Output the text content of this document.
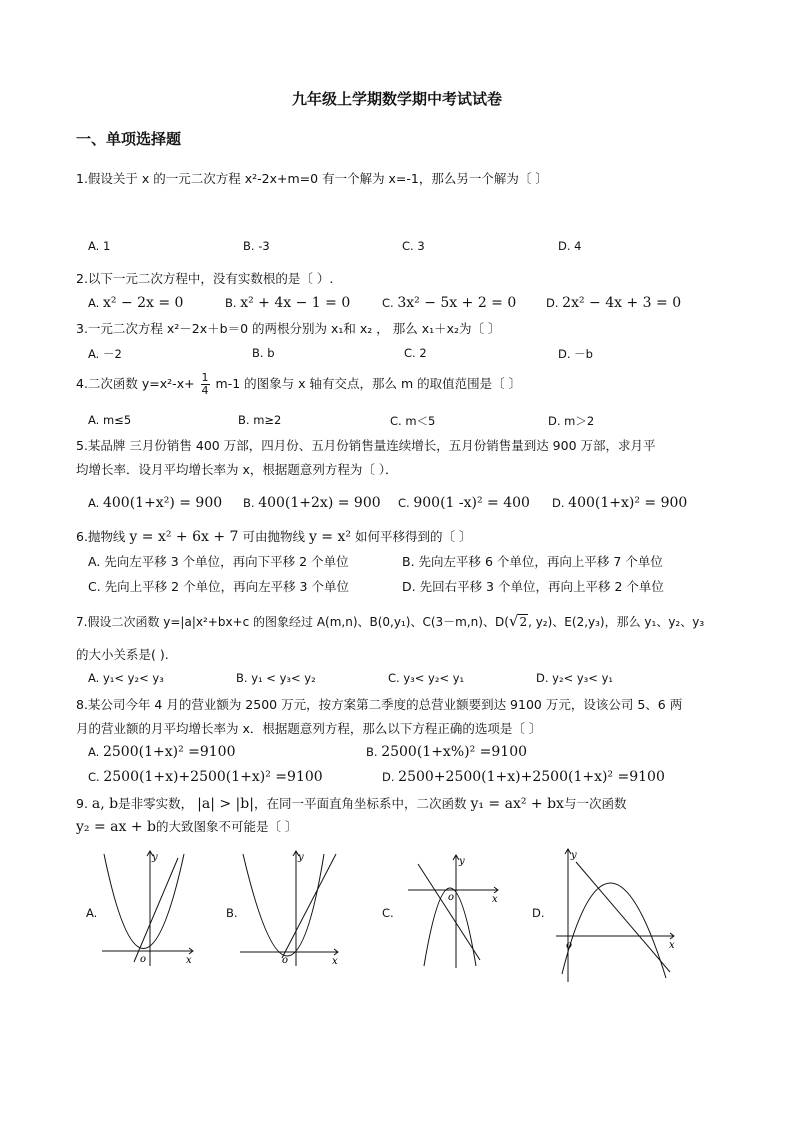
九年级上学期数学期中考试试卷
一、单项选择题
1.假设关于 x 的一元二次方程 x²-2x+m=0 有一个解为 x=-1，那么另一个解为〔 〕
A. 1	B. -3	C. 3	D. 4
2.以下一元二次方程中，没有实数根的是〔 ）.
A. x² − 2x = 0	B. x² + 4x − 1 = 0	C. 3x² − 5x + 2 = 0	D. 2x² − 4x + 3 = 0
3.一元二次方程 x²－2x＋b＝0 的两根分别为 x₁和 x₂ ， 那么 x₁＋x₂为〔 〕
A. －2	B. b	C. 2	D. －b
4.二次函数 $y=x^2-x+ \frac{1}{4} m-1$ 的图象与 x 轴有交点，那么 m 的取值范围是〔 〕
A. m≤5	B. m≥2	C. m＜5	D. m＞2
5.某品牌 三月份销售 400 万部，四月份、五月份销售量连续增长，五月份销售量到达 900 万部，求月平
均增长率．设月平均增长率为 x，根据题意列方程为〔 ）．
A. 400(1+x²) = 900 B. 400(1+2x) = 900 C. 900(1 -x)² = 400 D. 400(1+x)² = 900
6.抛物线 y = x² + 6x + 7 可由抛物线 y = x² 如何平移得到的〔 〕
A. 先向左平移 3 个单位，再向下平移 2 个单位	B. 先向左平移 6 个单位，再向上平移 7 个单位
C. 先向上平移 2 个单位，再向左平移 3 个单位	D. 先回右平移 3 个单位，再向上平移 2 个单位
7.假设二次函数 y=|a|x²+bx+c 的图象经过 A(m,n)、B(0,y₁)、C(3－m,n)、D(√2, y₂)、E(2,y₃)，那么 y₁、y₂、y₃
的大小关系是( ).
A. y₁< y₂< y₃	B. y₁ < y₃< y₂	C. y₃< y₂< y₁	D. y₂< y₃< y₁
8.某公司今年 4 月的营业额为 2500 万元，按方案第二季度的总营业额要到达 9100 万元，设该公司 5、6 两
月的营业额的月平均增长率为 x．根据题意列方程，那么以下方程正确的选项是〔 〕
A. 2500(1+x)² =9100	B. 2500(1+x%)² =9100
C. 2500(1+x)+2500(1+x)² =9100	D. 2500+2500(1+x)+2500(1+x)² =9100
9. a, b是非零实数， |a| > |b|，在同一平面直角坐标系中，二次函数 y₁ = ax² + bx与一次函数
y₂ = ax + b的大致图象不可能是〔 〕
A.	B.	C.	D.
y
x
o
y
x
o
y
x
o
y
x
o
